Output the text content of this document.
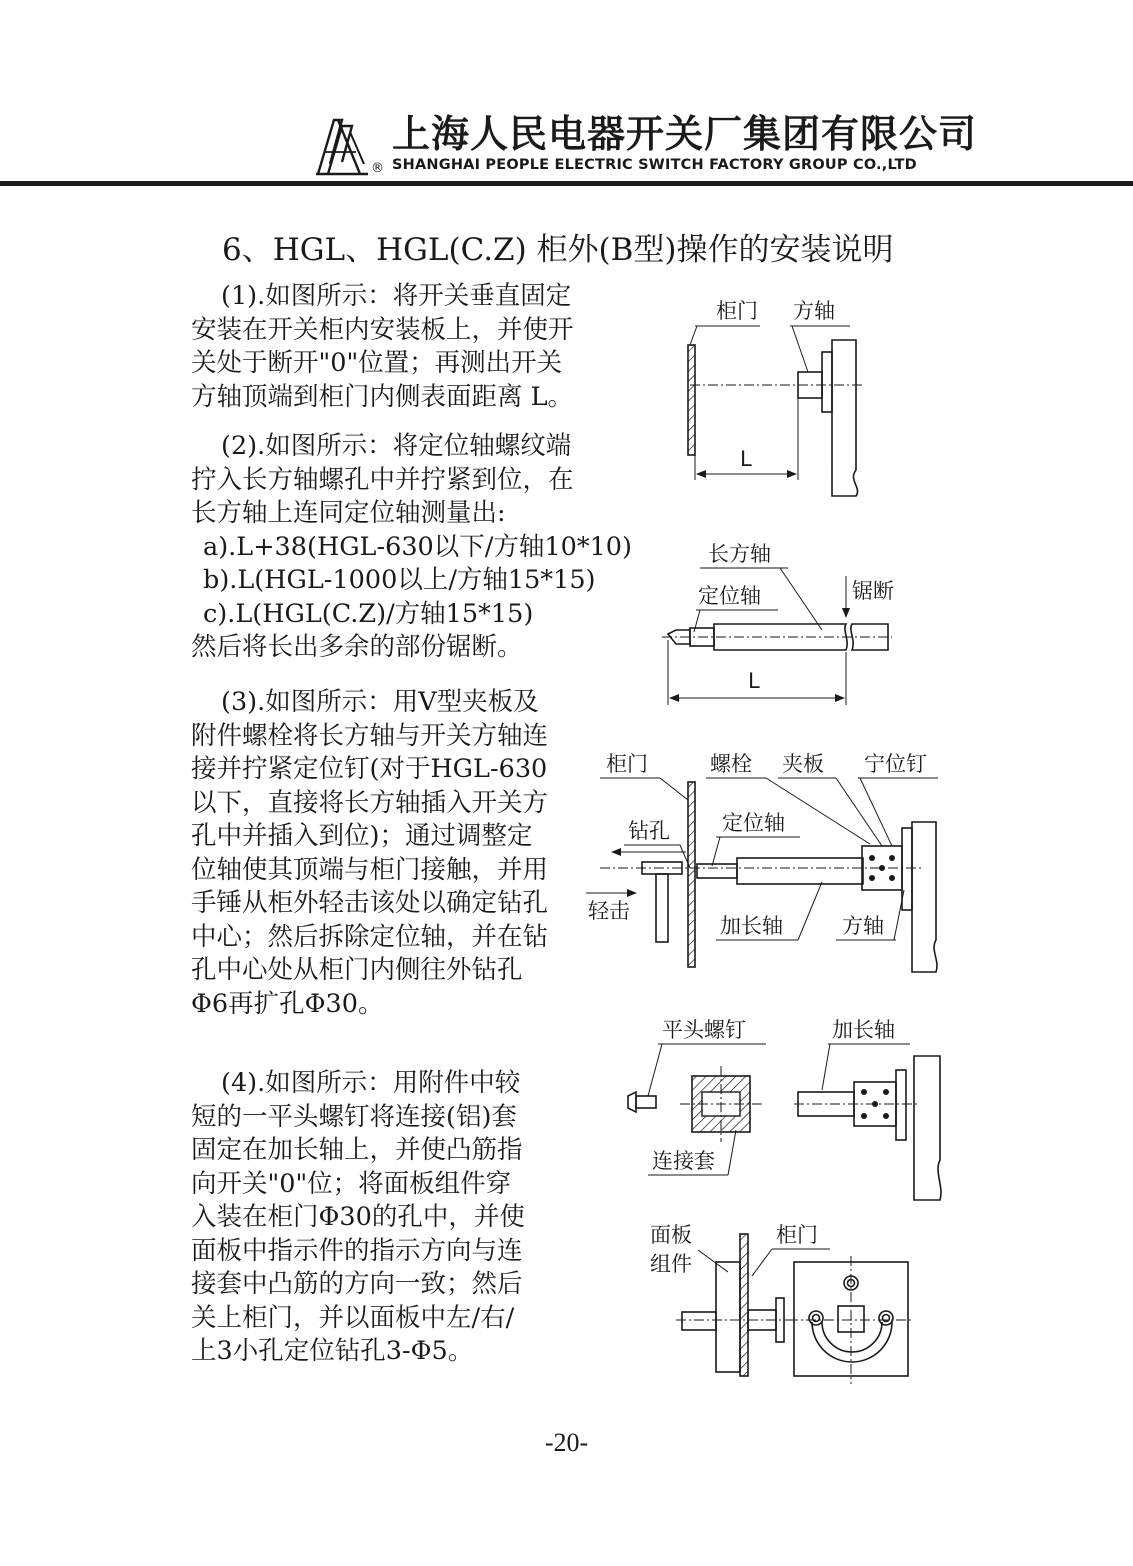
®
上海人民电器开关厂集团有限公司
SHANGHAI PEOPLE ELECTRIC SWITCH FACTORY GROUP CO.,LTD
6、HGL、HGL(C.Z) 柜外(B型)操作的安装说明
(1).如图所示：将开关垂直固定
安装在开关柜内安装板上，并使开
关处于断开"0"位置；再测出开关
方轴顶端到柜门内侧表面距离 L。
(2).如图所示：将定位轴螺纹端
拧入长方轴螺孔中并拧紧到位，在
长方轴上连同定位轴测量出:
a).L+38(HGL-630以下/方轴10*10)
b).L(HGL-1000以上/方轴15*15)
c).L(HGL(C.Z)/方轴15*15)
然后将长出多余的部份锯断。
(3).如图所示：用V型夹板及
附件螺栓将长方轴与开关方轴连
接并拧紧定位钉(对于HGL-630
以下，直接将长方轴插入开关方
孔中并插入到位)；通过调整定
位轴使其顶端与柜门接触，并用
手锤从柜外轻击该处以确定钻孔
中心；然后拆除定位轴，并在钻
孔中心处从柜门内侧往外钻孔
Φ6再扩孔Φ30。
(4).如图所示：用附件中较
短的一平头螺钉将连接(铝)套
固定在加长轴上，并使凸筋指
向开关"0"位；将面板组件穿
入装在柜门Φ30的孔中，并使
面板中指示件的指示方向与连
接套中凸筋的方向一致；然后
关上柜门，并以面板中左/右/
上3小孔定位钻孔3-Φ5。
柜门 方轴
L
长方轴
定位轴	锯断
L
柜门	螺栓 夹板 宁位钉
钻孔 定位轴
轻击
加长轴	方轴
平头螺钉	加长轴
连接套
面板
组件
柜门
-20-
